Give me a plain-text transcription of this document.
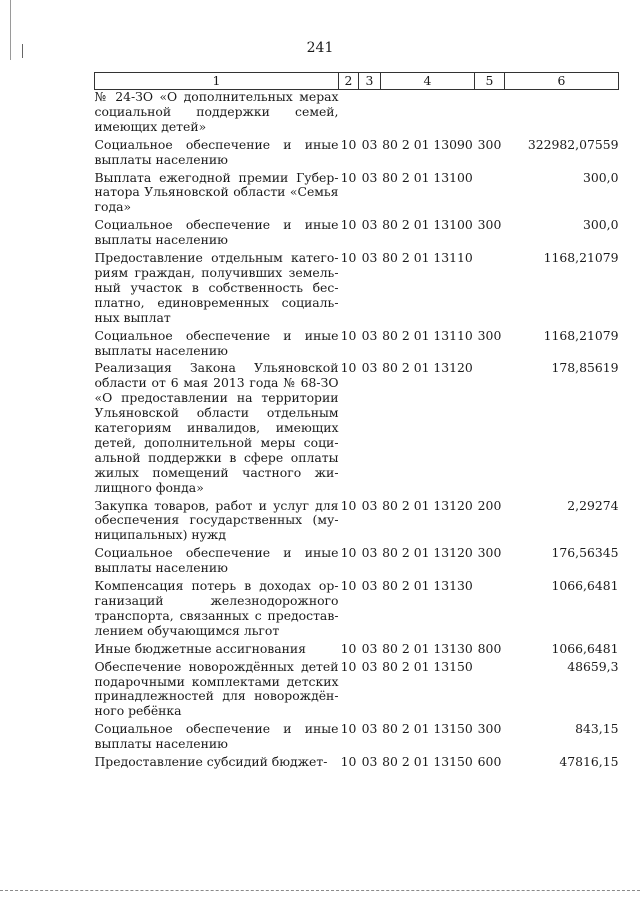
241
1	2	3	4	5	6
№ 24-ЗО «О дополнительных мерах социальной поддержки семей, имеющих детей»					
Социальное обеспечение и иные выплаты населению	10	03	80 2 01 13090	300	322982,07559
Выплата ежегодной премии Губернатора Ульяновской области «Семья года»	10	03	80 2 01 13100		300,0
Социальное обеспечение и иные выплаты населению	10	03	80 2 01 13100	300	300,0
Предоставление отдельным категориям граждан, получивших земельный участок в собственность бесплатно, единовременных социальных выплат	10	03	80 2 01 13110		1168,21079
Социальное обеспечение и иные выплаты населению	10	03	80 2 01 13110	300	1168,21079
Реализация Закона Ульяновской области от 6 мая 2013 года № 68-ЗО «О предоставлении на территории Ульяновской области отдельным категориям инвалидов, имеющих детей, дополнительной меры социальной поддержки в сфере оплаты жилых помещений частного жилищного фонда»	10	03	80 2 01 13120		178,85619
Закупка товаров, работ и услуг для обеспечения государственных (муниципальных) нужд	10	03	80 2 01 13120	200	2,29274
Социальное обеспечение и иные выплаты населению	10	03	80 2 01 13120	300	176,56345
Компенсация потерь в доходах организаций железнодорожного транспорта, связанных с предоставлением обучающимся льгот	10	03	80 2 01 13130		1066,6481
Иные бюджетные ассигнования	10	03	80 2 01 13130	800	1066,6481
Обеспечение новорождённых детей подарочными комплектами детских принадлежностей для новорождённого ребёнка	10	03	80 2 01 13150		48659,3
Социальное обеспечение и иные выплаты населению	10	03	80 2 01 13150	300	843,15
Предоставление субсидий бюджет-	10	03	80 2 01 13150	600	47816,15
